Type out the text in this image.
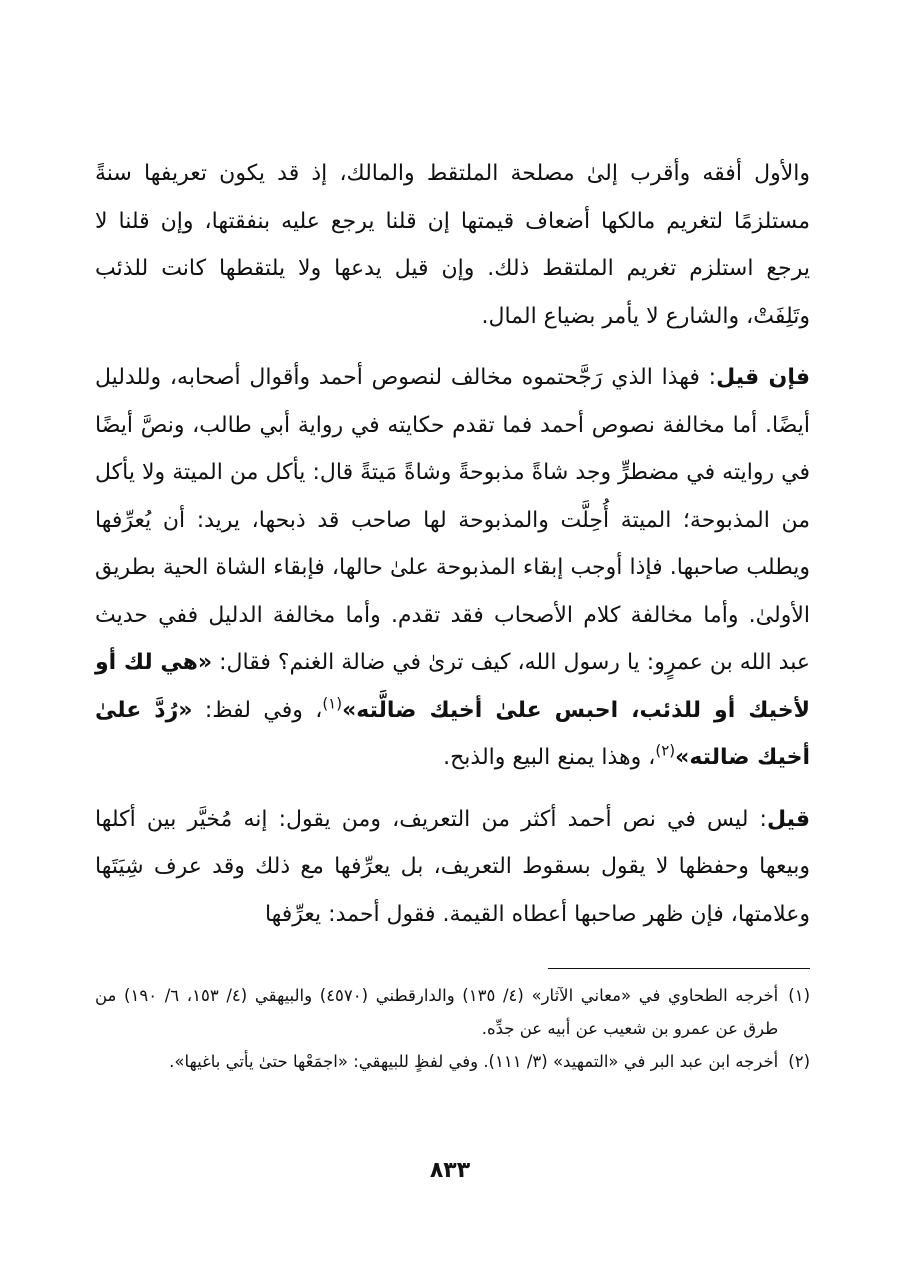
والأول أفقه وأقرب إلىٰ مصلحة الملتقط والمالك، إذ قد يكون تعريفها سنةً مستلزمًا لتغريم مالكها أضعاف قيمتها إن قلنا يرجع عليه بنفقتها، وإن قلنا لا يرجع استلزم تغريم الملتقط ذلك. وإن قيل يدعها ولا يلتقطها كانت للذئب وتَلِفَتْ، والشارع لا يأمر بضياع المال.

فإن قيل: فهذا الذي رَجَّحتموه مخالف لنصوص أحمد وأقوال أصحابه، وللدليل أيضًا. أما مخالفة نصوص أحمد فما تقدم حكايته في رواية أبي طالب، ونصَّ أيضًا في روايته في مضطرٍّ وجد شاةً مذبوحةً وشاةً مَيتةً قال: يأكل من الميتة ولا يأكل من المذبوحة؛ الميتة أُحِلَّت والمذبوحة لها صاحب قد ذبحها، يريد: أن يُعرِّفها ويطلب صاحبها. فإذا أوجب إبقاء المذبوحة علىٰ حالها، فإبقاء الشاة الحية بطريق الأولىٰ. وأما مخالفة كلام الأصحاب فقد تقدم. وأما مخالفة الدليل ففي حديث عبد الله بن عمرٍو: يا رسول الله، كيف ترىٰ في ضالة الغنم؟ فقال: «هي لك أو لأخيك أو للذئب، احبس علىٰ أخيك ضالَّته»$^{(١)}$، وفي لفظ: «رُدَّ علىٰ أخيك ضالته»$^{(٢)}$، وهذا يمنع البيع والذبح.

قيل: ليس في نص أحمد أكثر من التعريف، ومن يقول: إنه مُخيَّر بين أكلها وبيعها وحفظها لا يقول بسقوط التعريف، بل يعرِّفها مع ذلك وقد عرف شِيَتَها وعلامتها، فإن ظهر صاحبها أعطاه القيمة. فقول أحمد: يعرِّفها

(١)
أخرجه الطحاوي في «معاني الآثار» (٤/ ١٣٥) والدارقطني (٤٥٧٠) والبيهقي (٤/ ١٥٣، ٦/ ١٩٠) من طرق عن عمرو بن شعيب عن أبيه عن جدِّه.

(٢)
أخرجه ابن عبد البر في «التمهيد» (٣/ ١١١). وفي لفظٍ للبيهقي: «اجمَعْها حتىٰ يأتي باغيها».

٨٣٣
